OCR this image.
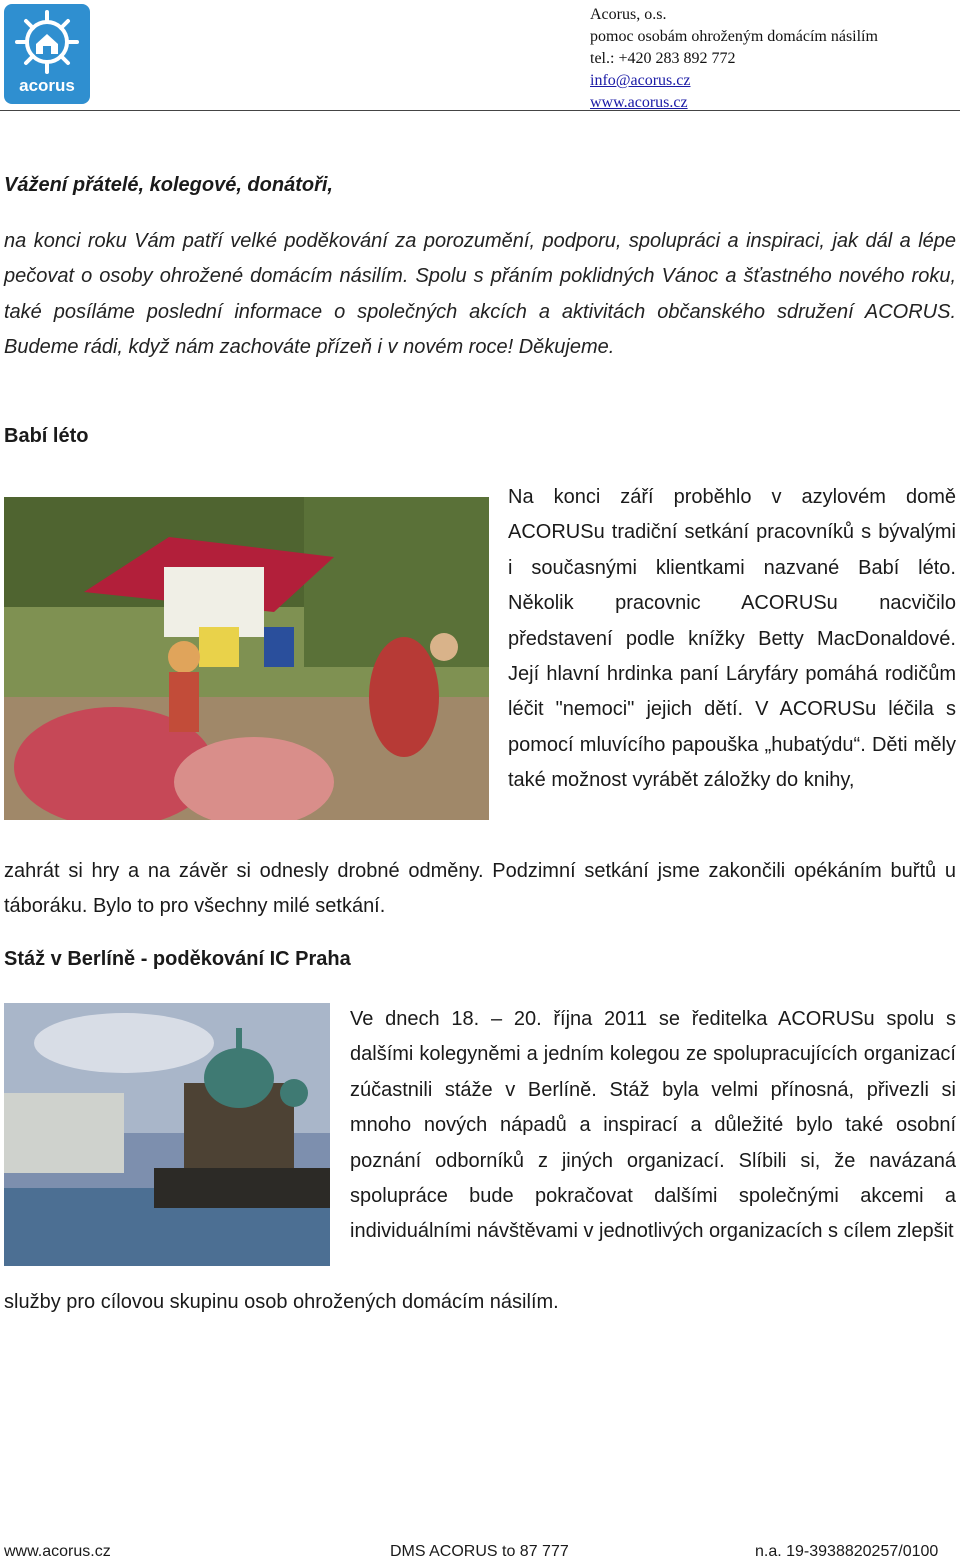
acorus
Acorus, o.s.
pomoc osobám ohroženým domácím násilím
tel.: +420 283 892 772
info@acorus.cz
www.acorus.cz

Vážení přátelé, kolegové, donátoři,

na konci roku Vám patří velké poděkování za porozumění, podporu, spolupráci a inspiraci, jak dál a lépe pečovat o osoby ohrožené domácím násilím. Spolu s přáním poklidných Vánoc a šťastného nového roku, také posíláme poslední informace o společných akcích a aktivitách občanského sdružení ACORUS. Budeme rádi, když nám zachováte přízeň i v novém roce! Děkujeme.

Babí léto

Na konci září proběhlo v azylovém domě ACORUSu tradiční setkání pracovníků s bývalými i současnými klientkami nazvané Babí léto. Několik pracovnic ACORUSu nacvičilo představení podle knížky Betty MacDonaldové. Její hlavní hrdinka paní Láryfáry pomáhá rodičům léčit "nemoci" jejich dětí. V ACORUSu léčila s pomocí mluvícího papouška „hubatýdu“. Děti měly také možnost vyrábět záložky do knihy,

zahrát si hry a na závěr si odnesly drobné odměny. Podzimní setkání jsme zakončili opékáním buřtů u táboráku. Bylo to pro všechny milé setkání.

Stáž v Berlíně - poděkování IC Praha

Ve dnech 18. – 20. října 2011 se ředitelka ACORUSu spolu s dalšími kolegyněmi a jedním kolegou ze spolupracujících organizací zúčastnili stáže v Berlíně. Stáž byla velmi přínosná, přivezli si mnoho nových nápadů a inspirací a důležité bylo také osobní poznání odborníků z jiných organizací. Slíbili si, že navázaná spolupráce bude pokračovat dalšími společnými akcemi a individuálními návštěvami v jednotlivých organizacích s cílem zlepšit

služby pro cílovou skupinu osob ohrožených domácím násilím.

www.acorus.cz	DMS ACORUS to 87 777	n.a. 19-3938820257/0100
